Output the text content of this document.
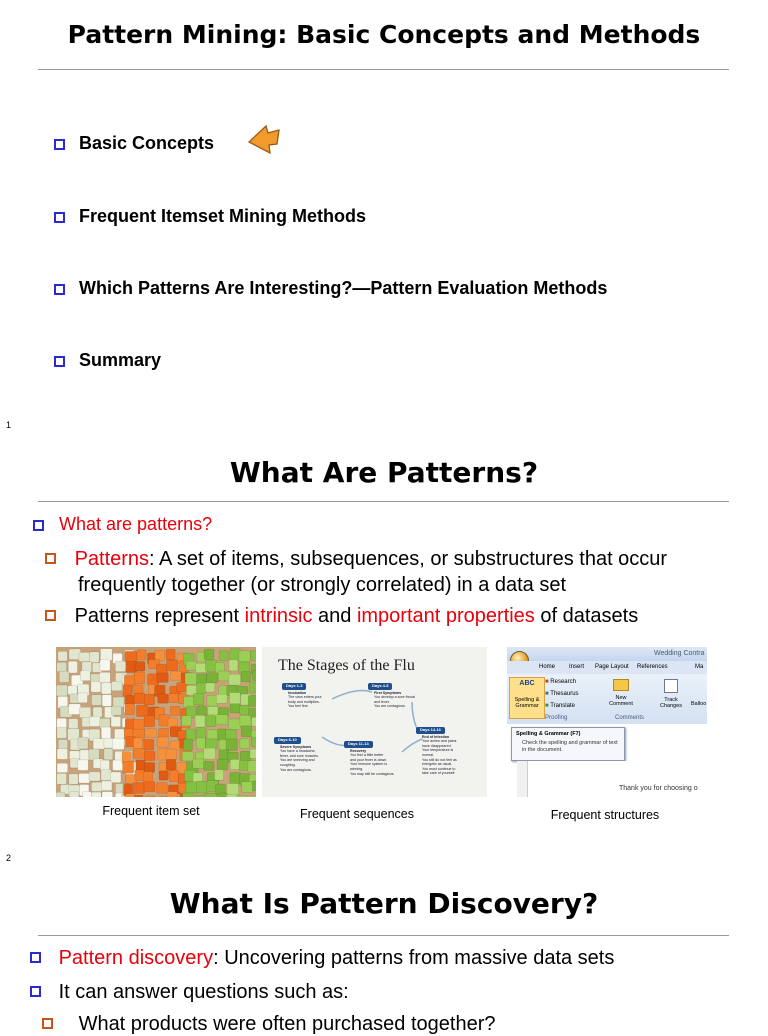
Pattern Mining: Basic Concepts and Methods
Basic Concepts
Frequent Itemset Mining Methods
Which Patterns Are Interesting?—Pattern Evaluation Methods
Summary
1
What Are Patterns?
What are patterns?
Patterns: A set of items, subsequences, or substructures that occur
frequently together (or strongly correlated) in a data set
Patterns represent intrinsic and important properties of datasets
The Stages of the Flu
Days 1-3
Incubation
The virus enters your
body and multiplies.
You feel fine.
Days 4-5
First Symptoms
You develop a sore throat
and fever.
You are contagious.
Days 6-10
Severe Symptoms
You have a headache,
fever, and sore muscles.
You are sneezing and
coughing.
You are contagious.
Days 11-13
Recovery
You feel a little better
and your fever is down.
Your immune system is
winning.
You may still be contagious.
Days 14-16
End of Infection
Your aches and pains
have disappeared.
Your temperature is
normal.
You still do not feel as
energetic as usual.
You must continue to
take care of yourself.
Wedding Contra
Home Insert Page Layout References	Ma
ABC
Spelling & Grammar
■ Research
■ Thesaurus
■ Translate
Proofing
New Comment
Comments
Track Changes	Balloo
Spelling & Grammar (F7)
Check the spelling and grammar of text in the document.
Thank you for choosing o
Frequent item set	Frequent sequences	Frequent structures
2
What Is Pattern Discovery?
Pattern discovery: Uncovering patterns from massive data sets
It can answer questions such as:
What products were often purchased together?
